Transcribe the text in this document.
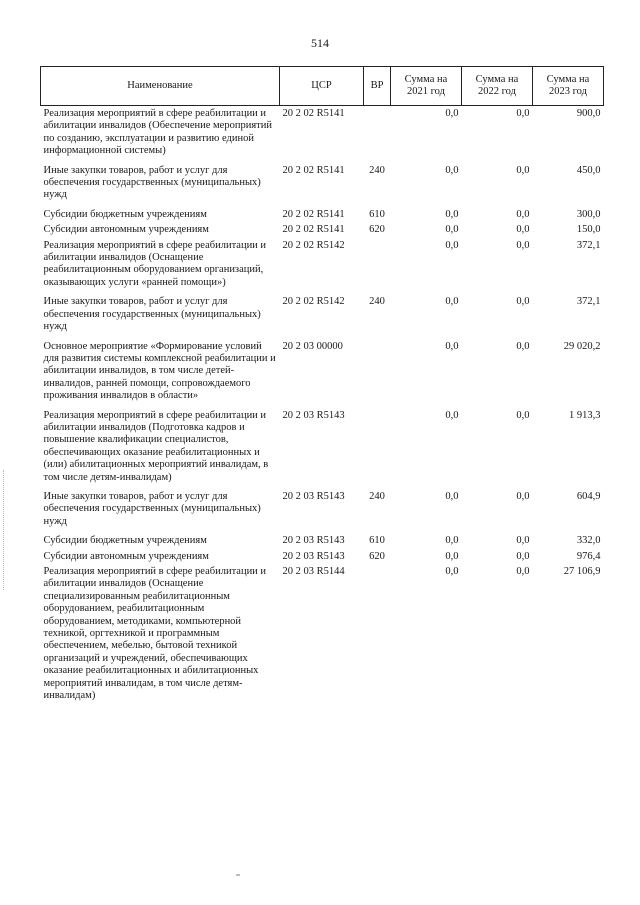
514
Наименование	ЦСР	ВР	Сумма на 2021 год	Сумма на 2022 год	Сумма на 2023 год
Реализация мероприятий в сфере реабилитации и абилитации инвалидов (Обеспечение мероприятий по созданию, эксплуатации и развитию единой информационной системы)	20 2 02 R5141		0,0	0,0	900,0
Иные закупки товаров, работ и услуг для обеспечения государственных (муниципальных) нужд	20 2 02 R5141	240	0,0	0,0	450,0
Субсидии бюджетным учреждениям	20 2 02 R5141	610	0,0	0,0	300,0
Субсидии автономным учреждениям	20 2 02 R5141	620	0,0	0,0	150,0
Реализация мероприятий в сфере реабилитации и абилитации инвалидов (Оснащение реабилитационным оборудованием организаций, оказывающих услуги «ранней помощи»)	20 2 02 R5142		0,0	0,0	372,1
Иные закупки товаров, работ и услуг для обеспечения государственных (муниципальных) нужд	20 2 02 R5142	240	0,0	0,0	372,1
Основное мероприятие «Формирование условий для развития системы комплексной реабилитации и абилитации инвалидов, в том числе детей-инвалидов, ранней помощи, сопровождаемого проживания инвалидов в области»	20 2 03 00000		0,0	0,0	29 020,2
Реализация мероприятий в сфере реабилитации и абилитации инвалидов (Подготовка кадров и повышение квалификации специалистов, обеспечивающих оказание реабилитационных и (или) абилитационных мероприятий инвалидам, в том числе детям-инвалидам)	20 2 03 R5143		0,0	0,0	1 913,3
Иные закупки товаров, работ и услуг для обеспечения государственных (муниципальных) нужд	20 2 03 R5143	240	0,0	0,0	604,9
Субсидии бюджетным учреждениям	20 2 03 R5143	610	0,0	0,0	332,0
Субсидии автономным учреждениям	20 2 03 R5143	620	0,0	0,0	976,4
Реализация мероприятий в сфере реабилитации и абилитации инвалидов (Оснащение специализированным реабилитационным оборудованием, реабилитационным оборудованием, методиками, компьютерной техникой, оргтехникой и программным обеспечением, мебелью, бытовой техникой организаций и учреждений, обеспечивающих оказание реабилитационных и абилитационных мероприятий инвалидам, в том числе детям-инвалидам)	20 2 03 R5144		0,0	0,0	27 106,9
